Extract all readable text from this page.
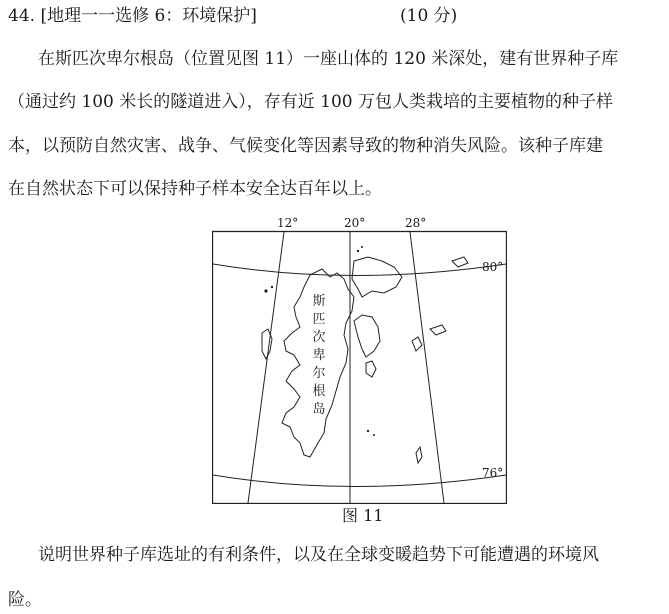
44. [地理一一选修 6：环境保护]	(10 分)
在斯匹次卑尔根岛（位置见图 11）一座山体的 120 米深处，建有世界种子库
（通过约 100 米长的隧道进入），存有近 100 万包人类栽培的主要植物的种子样
本，以预防自然灾害、战争、气候变化等因素导致的物种消失风险。该种子库建
在自然状态下可以保持种子样本安全达百年以上。
12°	20°	28°
80°
76°
斯匹次卑尔根岛
图 11
说明世界种子库选址的有利条件，以及在全球变暖趋势下可能遭遇的环境风
险。
